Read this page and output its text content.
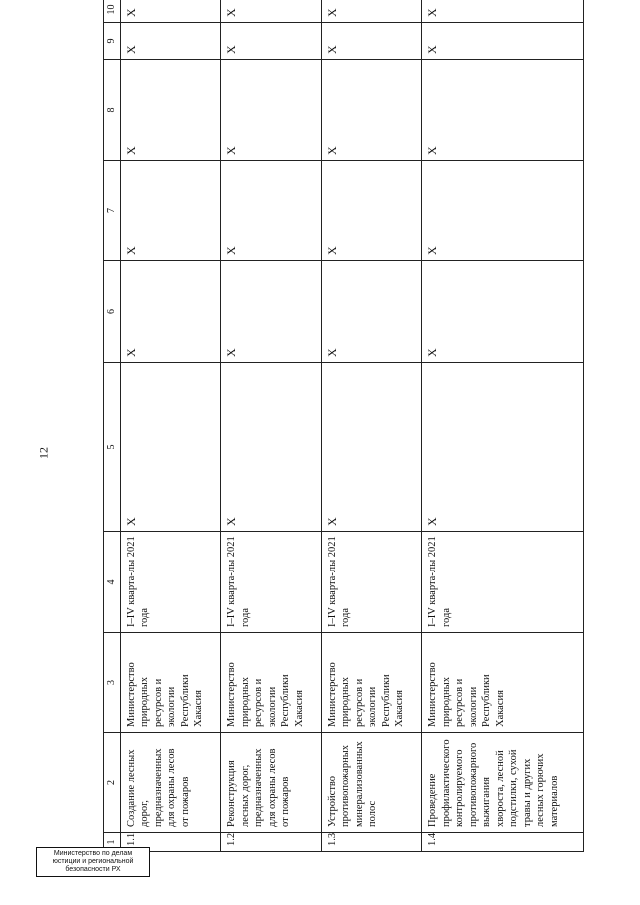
12
1	2	3	4	5	6	7	8	9	10	
1.1	Создание лесных дорог, предназначенных для охраны лесов от пожаров	Министерство природных ресурсов и экологии Республики Хакасия	I–IV кварта-лы 2021 года	X	X	X	X	X	X	
1.2	Реконструкция лесных дорог, предназначенных для охраны лесов от пожаров	Министерство природных ресурсов и экологии Республики Хакасия	I–IV кварта-лы 2021 года	X	X	X	X	X	X	
1.3	Устройство противопожарных минерализованных полос	Министерство природных ресурсов и экологии Республики Хакасия	I–IV кварта-лы 2021 года	X	X	X	X	X	X	
1.4	Проведение профилактического контролируемого противопожарного выжигания хвороста, лесной подстилки, сухой травы и других лесных горючих материалов	Министерство природных ресурсов и экологии Республики Хакасия	I–IV кварта-лы 2021 года	X	X	X	X	X	X	
Министерство по делам
юстиции и региональной
безопасности РХ
